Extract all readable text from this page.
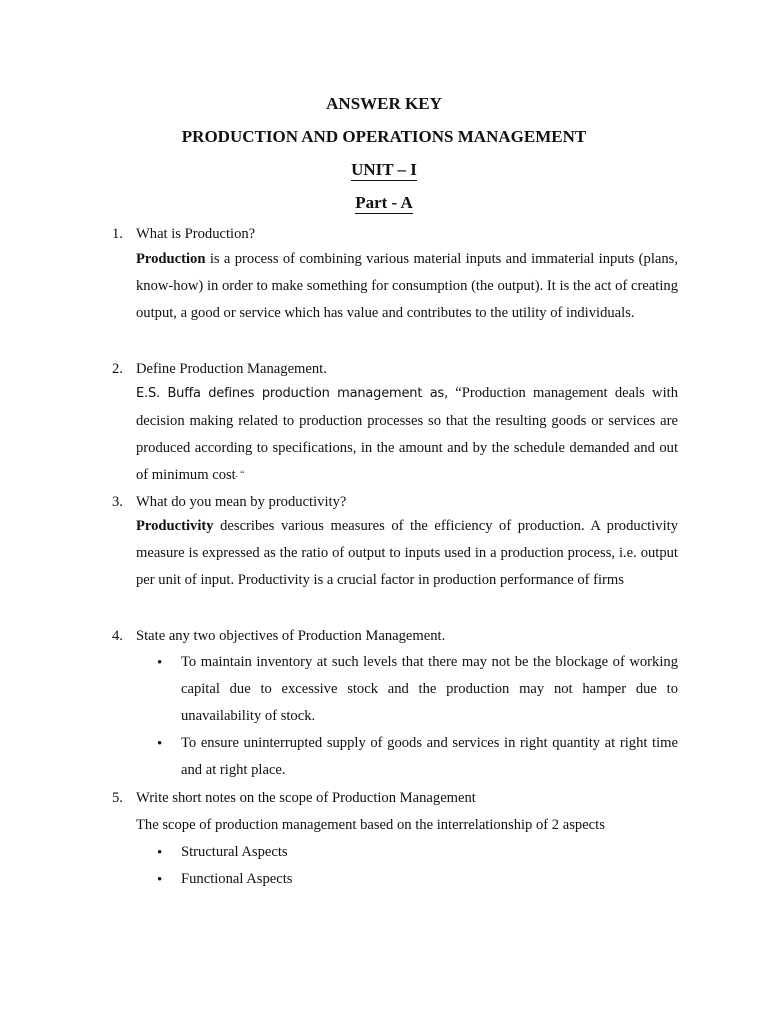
ANSWER KEY
PRODUCTION AND OPERATIONS MANAGEMENT
UNIT – I
Part - A
1. What is Production?
Production is a process of combining various material inputs and immaterial inputs (plans, know-how) in order to make something for consumption (the output). It is the act of creating output, a good or service which has value and contributes to the utility of individuals.
2. Define Production Management.
E.S. Buffa defines production management as, “Production management deals with decision making related to production processes so that the resulting goods or services are produced according to specifications, in the amount and by the schedule demanded and out of minimum cost. “
3. What do you mean by productivity?
Productivity describes various measures of the efficiency of production. A productivity measure is expressed as the ratio of output to inputs used in a production process, i.e. output per unit of input. Productivity is a crucial factor in production performance of firms
4. State any two objectives of Production Management.
• To maintain inventory at such levels that there may not be the blockage of working capital due to excessive stock and the production may not hamper due to unavailability of stock.
• To ensure uninterrupted supply of goods and services in right quantity at right time and at right place.
5. Write short notes on the scope of Production Management
The scope of production management based on the interrelationship of 2 aspects
• Structural Aspects
• Functional Aspects
